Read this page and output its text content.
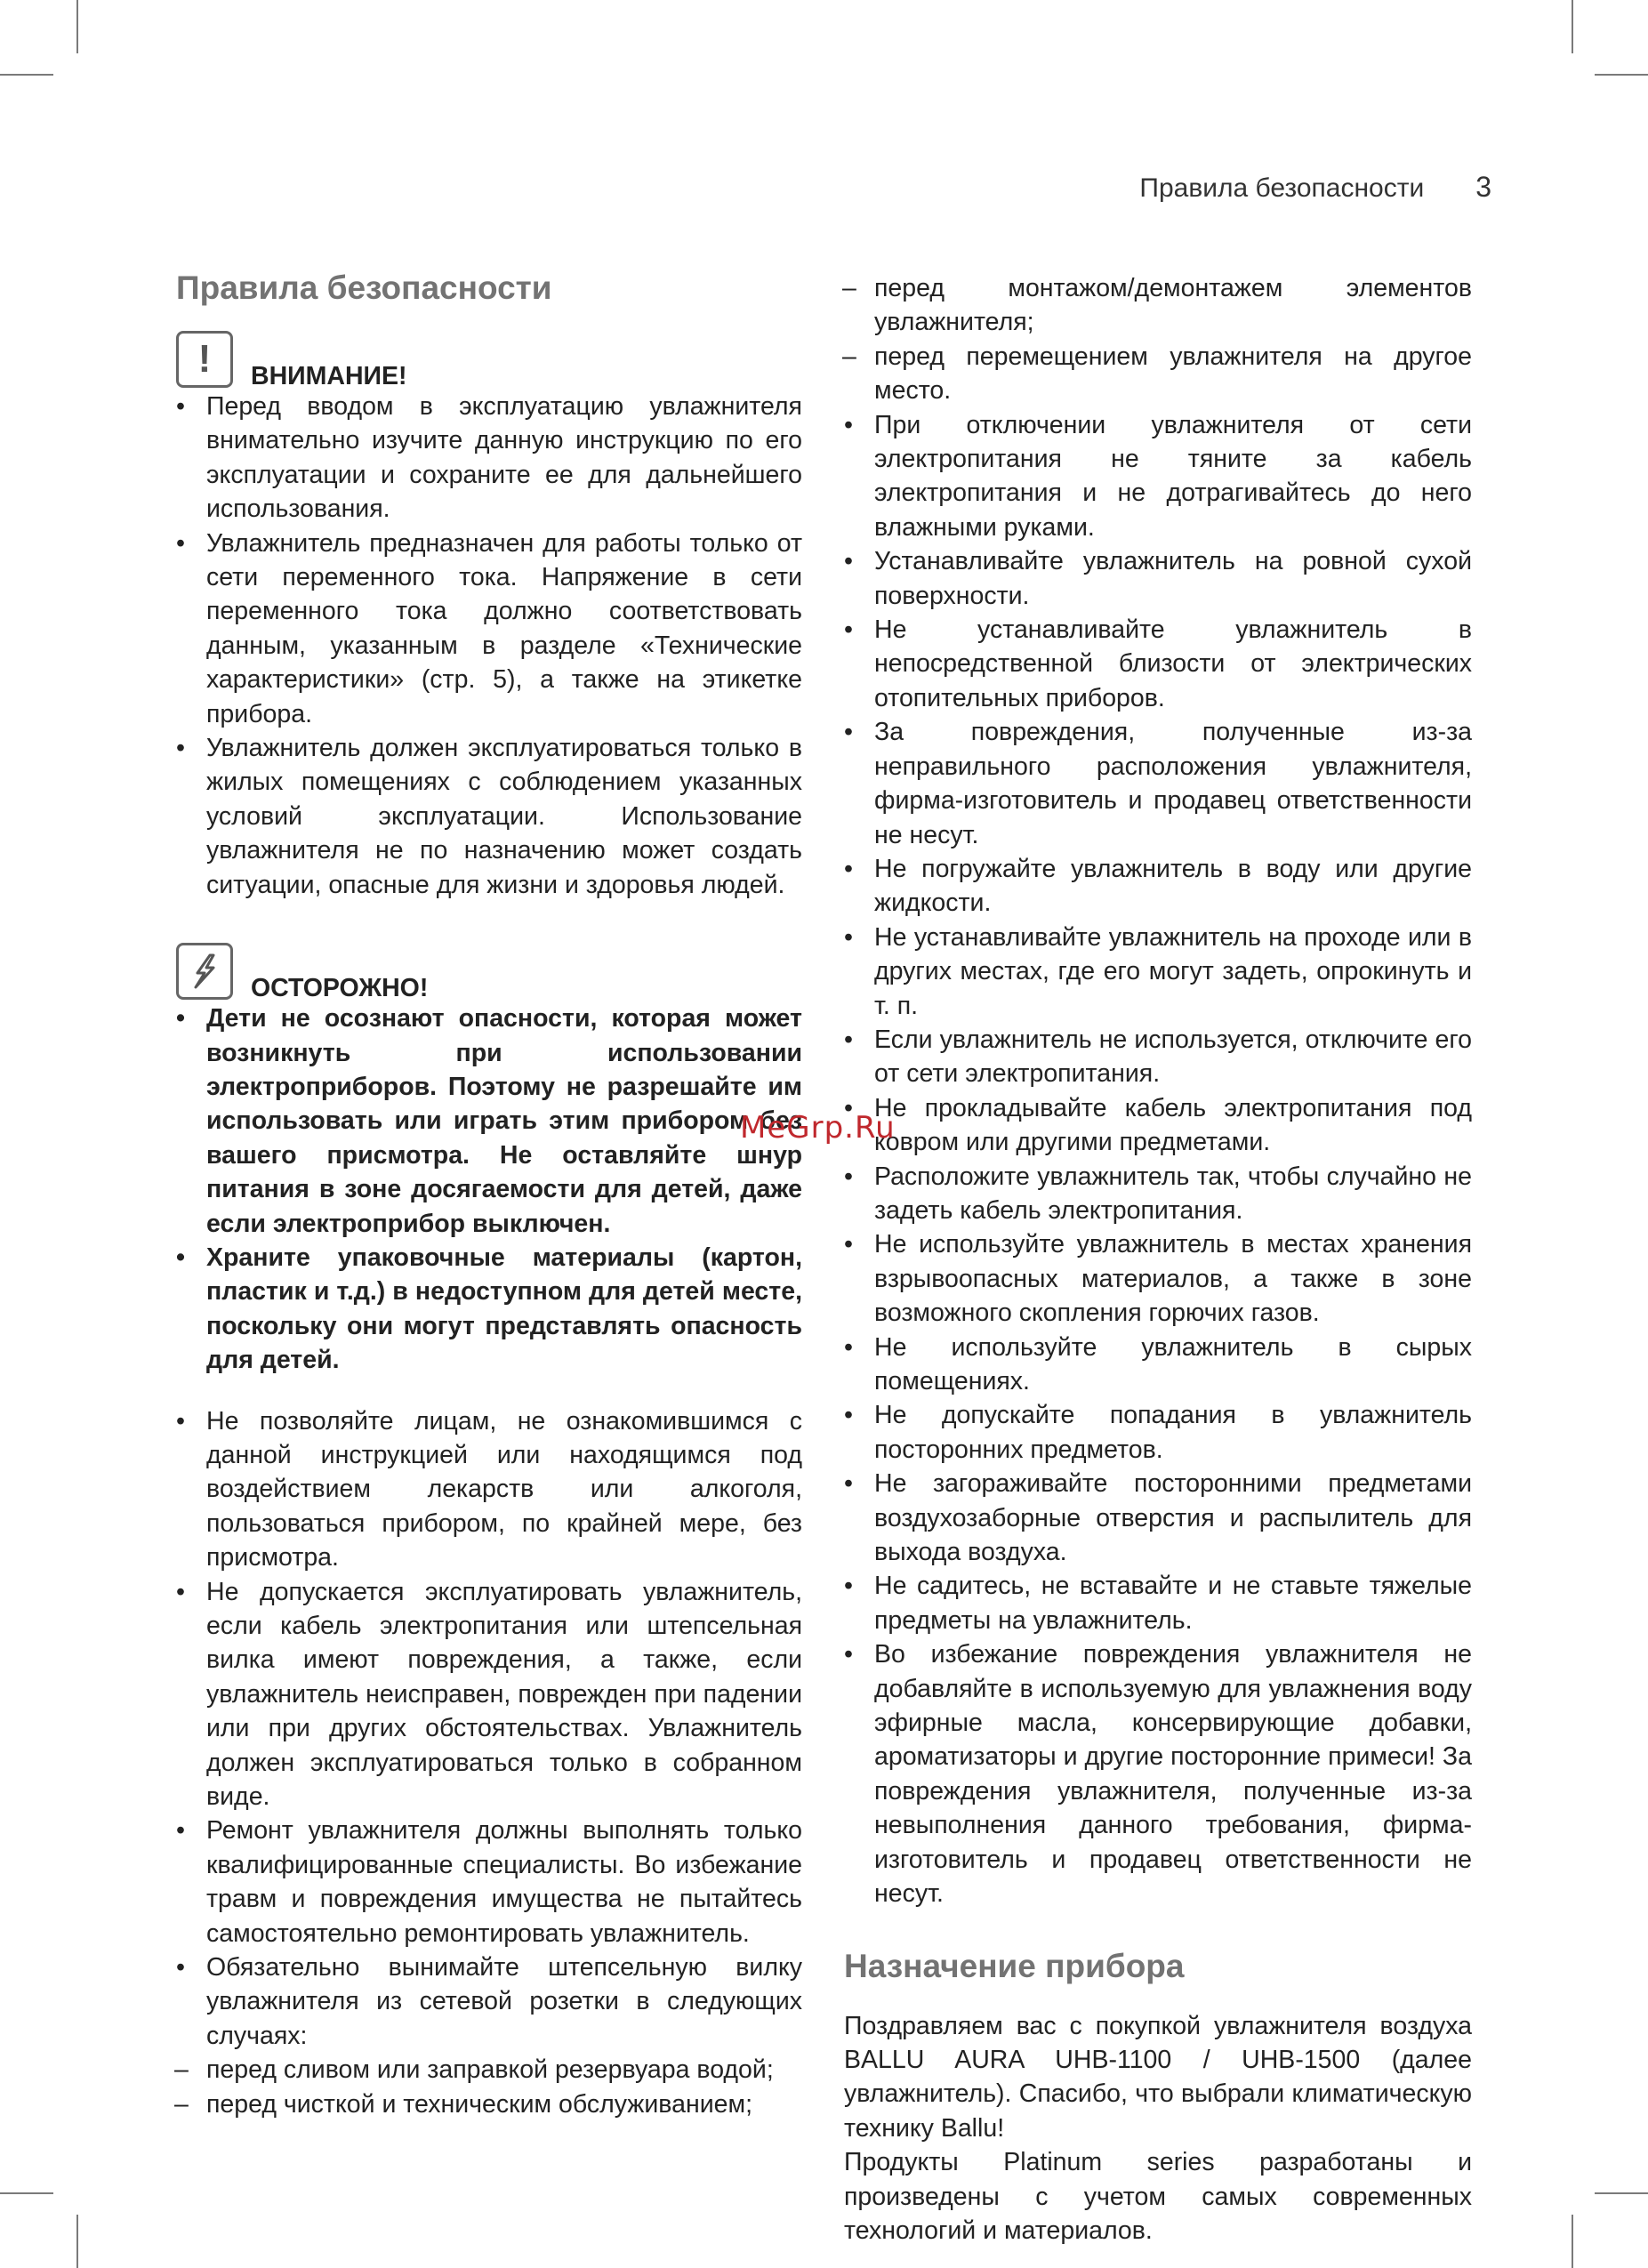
Правила безопасности 3
Правила безопасности
!	ВНИМАНИЕ!
• Перед вводом в эксплуатацию увлажнителя внимательно изучите данную инструкцию по его эксплуатации и сохраните ее для дальнейшего использования.
• Увлажнитель предназначен для работы только от сети переменного тока. Напряжение в сети переменного тока должно соответствовать данным, указанным в разделе «Технические характеристики» (стр. 5), а также на этикетке прибора.
• Увлажнитель должен эксплуатироваться только в жилых помещениях с соблюдением указанных условий эксплуатации. Использование увлажнителя не по назначению может создать ситуации, опасные для жизни и здоровья людей.
ОСТОРОЖНО!
• Дети не осознают опасности, которая может возникнуть при использовании электроприборов. Поэтому не разрешайте им использовать или играть этим прибором без вашего присмотра. Не оставляйте шнур питания в зоне досягаемости для детей, даже если электроприбор выключен.
• Храните упаковочные материалы (картон, пластик и т.д.) в недоступном для детей месте, поскольку они могут представлять опасность для детей.
• Не позволяйте лицам, не ознакомившимся с данной инструкцией или находящимся под воздействием лекарств или алкоголя, пользоваться прибором, по крайней мере, без присмотра.
• Не допускается эксплуатировать увлажнитель, если кабель электропитания или штепсельная вилка имеют повреждения, а также, если увлажнитель неисправен, поврежден при падении или при других обстоятельствах. Увлажнитель должен эксплуатироваться только в собранном виде.
• Ремонт увлажнителя должны выполнять только квалифицированные специалисты. Во избежание травм и повреждения имущества не пытайтесь самостоятельно ремонтировать увлажнитель.
• Обязательно вынимайте штепсельную вилку увлажнителя из сетевой розетки в следующих случаях:
– перед сливом или заправкой резервуара водой;
– перед чисткой и техническим обслуживанием;
– перед монтажом/демонтажем элементов увлажнителя;
– перед перемещением увлажнителя на другое место.
• При отключении увлажнителя от сети электропитания не тяните за кабель электропитания и не дотрагивайтесь до него влажными руками.
• Устанавливайте увлажнитель на ровной сухой поверхности.
• Не устанавливайте увлажнитель в непосредственной близости от электрических отопительных приборов.
• За повреждения, полученные из-за неправильного расположения увлажнителя, фирма-изготовитель и продавец ответственности не несут.
• Не погружайте увлажнитель в воду или другие жидкости.
• Не устанавливайте увлажнитель на проходе или в других местах, где его могут задеть, опрокинуть и т. п.
• Если увлажнитель не используется, отключите его от сети электропитания.
• Не прокладывайте кабель электропитания под ковром или другими предметами.
• Расположите увлажнитель так, чтобы случайно не задеть кабель электропитания.
• Не используйте увлажнитель в местах хранения взрывоопасных материалов, а также в зоне возможного скопления горючих газов.
• Не используйте увлажнитель в сырых помещениях.
• Не допускайте попадания в увлажнитель посторонних предметов.
• Не загораживайте посторонними предметами воздухозаборные отверстия и распылитель для выхода воздуха.
• Не садитесь, не вставайте и не ставьте тяжелые предметы на увлажнитель.
• Во избежание повреждения увлажнителя не добавляйте в используемую для увлажнения воду эфирные масла, консервирующие добавки, ароматизаторы и другие посторонние примеси! За повреждения увлажнителя, полученные из-за невыполнения данного требования, фирма-изготовитель и продавец ответственности не несут.
Назначение прибора

Поздравляем вас с покупкой увлажнителя воздуха BALLU AURA UHB-1100 / UHB-1500 (далее увлажнитель). Спасибо, что выбрали климатическую технику Ballu!

Продукты Platinum series разработаны и произведены с учетом самых современных технологий и материалов.

MeGrp.Ru
